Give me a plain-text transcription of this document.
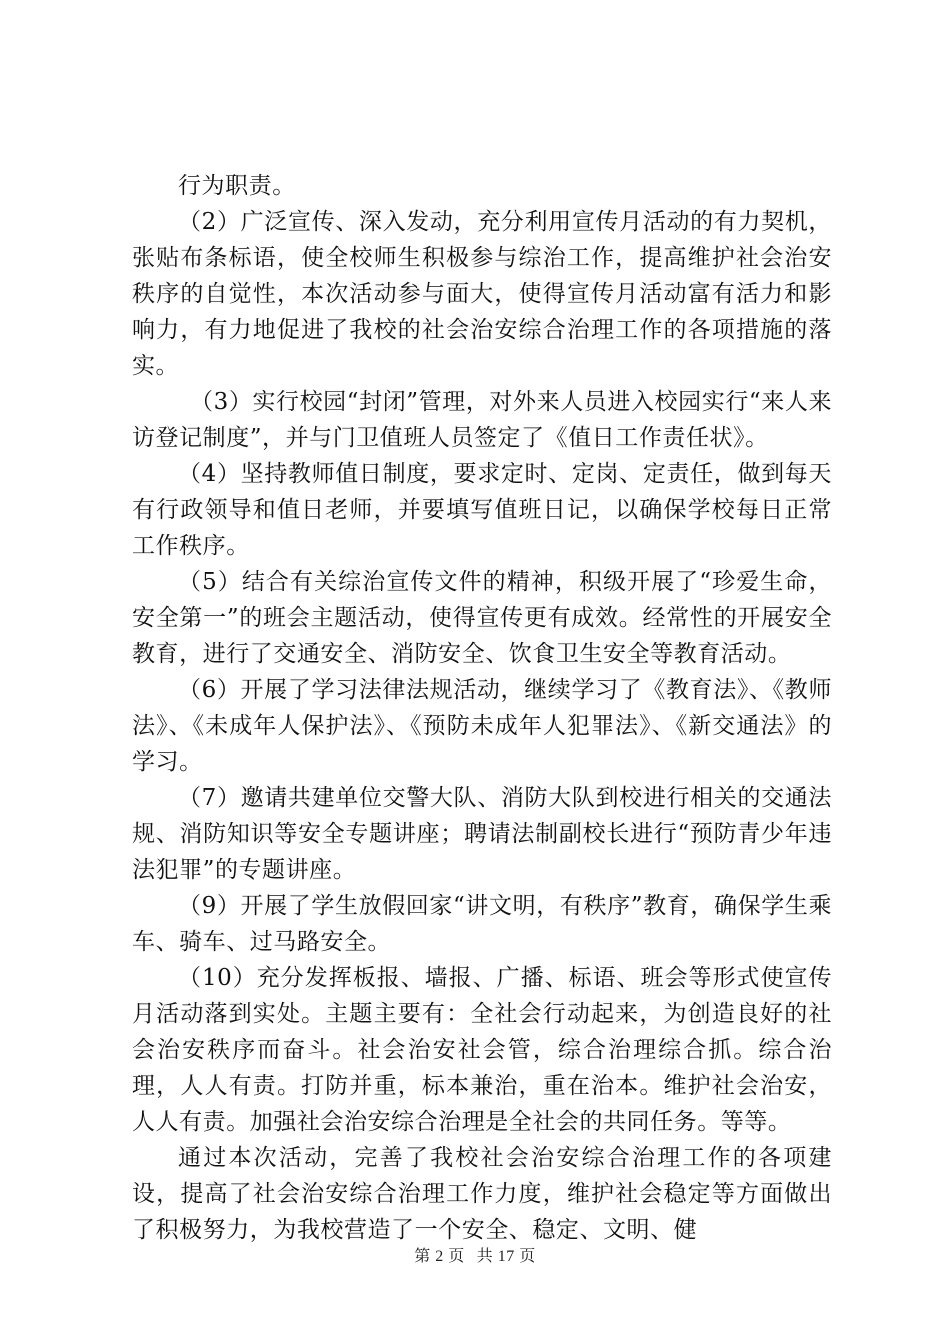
行为职责。

（2）广泛宣传、深入发动，充分利用宣传月活动的有力契机，张贴布条标语，使全校师生积极参与综治工作，提高维护社会治安秩序的自觉性，本次活动参与面大，使得宣传月活动富有活力和影响力，有力地促进了我校的社会治安综合治理工作的各项措施的落实。

（3）实行校园“封闭”管理，对外来人员进入校园实行“来人来访登记制度”，并与门卫值班人员签定了《值日工作责任状》。

（4）坚持教师值日制度，要求定时、定岗、定责任，做到每天有行政领导和值日老师，并要填写值班日记，以确保学校每日正常工作秩序。

（5）结合有关综治宣传文件的精神，积级开展了“珍爱生命，安全第一”的班会主题活动，使得宣传更有成效。经常性的开展安全教育，进行了交通安全、消防安全、饮食卫生安全等教育活动。

（6）开展了学习法律法规活动，继续学习了《教育法》、《教师法》、《未成年人保护法》、《预防未成年人犯罪法》、《新交通法》的学习。

（7）邀请共建单位交警大队、消防大队到校进行相关的交通法规、消防知识等安全专题讲座；聘请法制副校长进行“预防青少年违法犯罪”的专题讲座。

（9）开展了学生放假回家“讲文明，有秩序”教育，确保学生乘车、骑车、过马路安全。

（10）充分发挥板报、墙报、广播、标语、班会等形式使宣传月活动落到实处。主题主要有：全社会行动起来，为创造良好的社会治安秩序而奋斗。社会治安社会管，综合治理综合抓。综合治理，人人有责。打防并重，标本兼治，重在治本。维护社会治安，人人有责。加强社会治安综合治理是全社会的共同任务。等等。

通过本次活动，完善了我校社会治安综合治理工作的各项建设，提高了社会治安综合治理工作力度，维护社会稳定等方面做出了积极努力，为我校营造了一个安全、稳定、文明、健

第 2 页 共 17 页
